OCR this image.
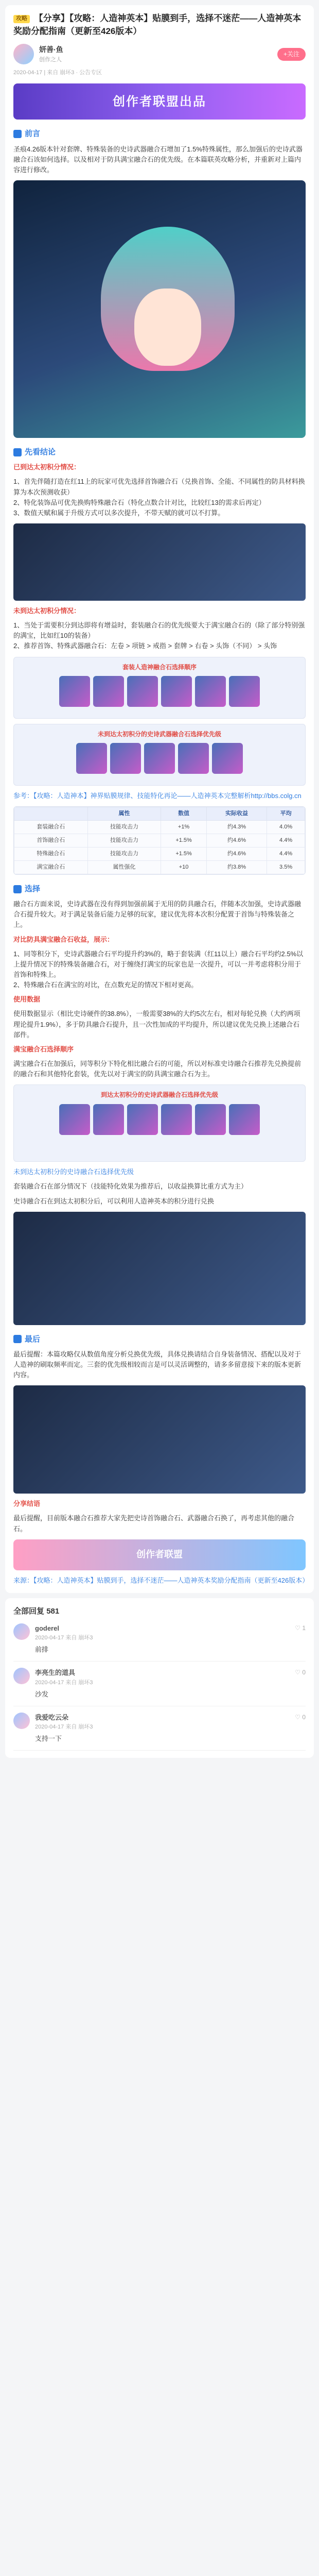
攻略 【分享】【攻略：人造神英本】贴膜到手，选择不迷茫——人造神英本奖励分配指南（更新至426版本）
妍善·鱼
创作之人
+关注
2020-04-17 | 来自 崩坏3 · 公告专区
创作者联盟出品
前言

圣痕4.26版本针对套牌、特殊装备的史诗武器融合石增加了1.5%特殊属性，那么加强后的史诗武器融合石该如何选择。以及相对于防具满宝融合石的优先级。在本篇联英攻略分析，并重新对上篇内容进行修改。

先看结论

已到达太初积分情况：

1、首先伴随打造在红11上的玩家可优先选择首饰融合石（兑换首饰、全能、不同属性的防具材料换算为本次预测收获）
2、特化装饰品可优先换购特殊融合石（特化点数合计对比，比较红13的需求后再定）
3、数值天赋和属于升级方式可以多次提升，不带天赋的就可以不打算。

未到达太初积分情况：

1、当处于需要积分到达即将有增益时，套装融合石的优先级要大于满宝融合石的（除了部分特别强的满宝，比如红10的装备）
2、推荐首饰、特殊武器融合石：左卷 > 项链 > 戒指 > 套牌 > 右卷 > 头饰（不同） > 头饰

套装人造神融合石选择顺序
未到达太初积分的史诗武器融合石选择优先级

参考：【攻略：人造神本】神界贴膜规律、技能特化再论——人造神英本完整解析http://bbs.colg.cn

	属性	数值	实际收益	平均
套装融合石	技能攻击力	+1%	约4.3%	4.0%
首饰融合石	技能攻击力	+1.5%	约4.6%	4.4%
特殊融合石	技能攻击力	+1.5%	约4.6%	4.4%
满宝融合石	属性强化	+10	约3.8%	3.5%
选择

融合石方面来说，史诗武器在没有得到加强前属于无用的防具融合石，伴随本次加强，史诗武器融合石提升较大。对于满足装备后能力足够的玩家，建议优先将本次积分配置于首饰与特殊装备之上。

对比防具满宝融合石收益，展示：

1、同等积分下，史诗武器融合石平均提升约3%的，略于套装满（红11以上）融合石平均约2.5%以上提升情况下的特殊装备融合石，对于缠绕打满宝的玩家也是一次提升，可以一并考虑将积分用于首饰和特殊上。
2、特殊融合石在满宝的对比，在点数充足的情况下相对更高。

使用数据

使用数据显示（相比史诗硬件的38.8%），一般需要38%的大约5次左右，相对每轮兑换（大约两项理论提升1.9%），多于防具融合石提升，且一次性加成的平均提升，所以建议优先兑换上述融合石部件。

满宝融合石选择顺序

满宝融合石在加强后，同等积分下特化相比融合石的可能，所以对标准史诗融合石推荐先兑换提前的融合石和其他特化套装，优先以对于满宝的防具满宝融合石为主。

到达太初积分的史诗武器融合石选择优先级

未到达太初积分的史诗融合石选择优先级

套装融合石在部分情况下（技能特化效果为推荐后，以收益换算比重方式为主）

史诗融合石在到达太初积分后，可以利用人造神英本的积分进行兑换

最后

最后提醒：本篇攻略仅从数值角度分析兑换优先级，具体兑换请结合自身装备情况、搭配以及对于人造神的刷取频率而定。三套的优先级相较而言是可以灵活调整的，请多多留意接下来的版本更新内容。

分享结语

最后提醒，目前版本融合石推荐大家先把史诗首饰融合石、武器融合石换了，再考虑其他的融合石。

创作者联盟

来源：【攻略：人造神英本】贴膜到手，选择不迷茫——人造神英本奖励分配指南（更新至426版本）

全部回复 581
goderel
2020-04-17 来自 崩坏3
前排
♡ 1
李亮生的道具
2020-04-17 来自 崩坏3
沙发
♡ 0
我爱吃云朵
2020-04-17 来自 崩坏3
支持一下
♡ 0
